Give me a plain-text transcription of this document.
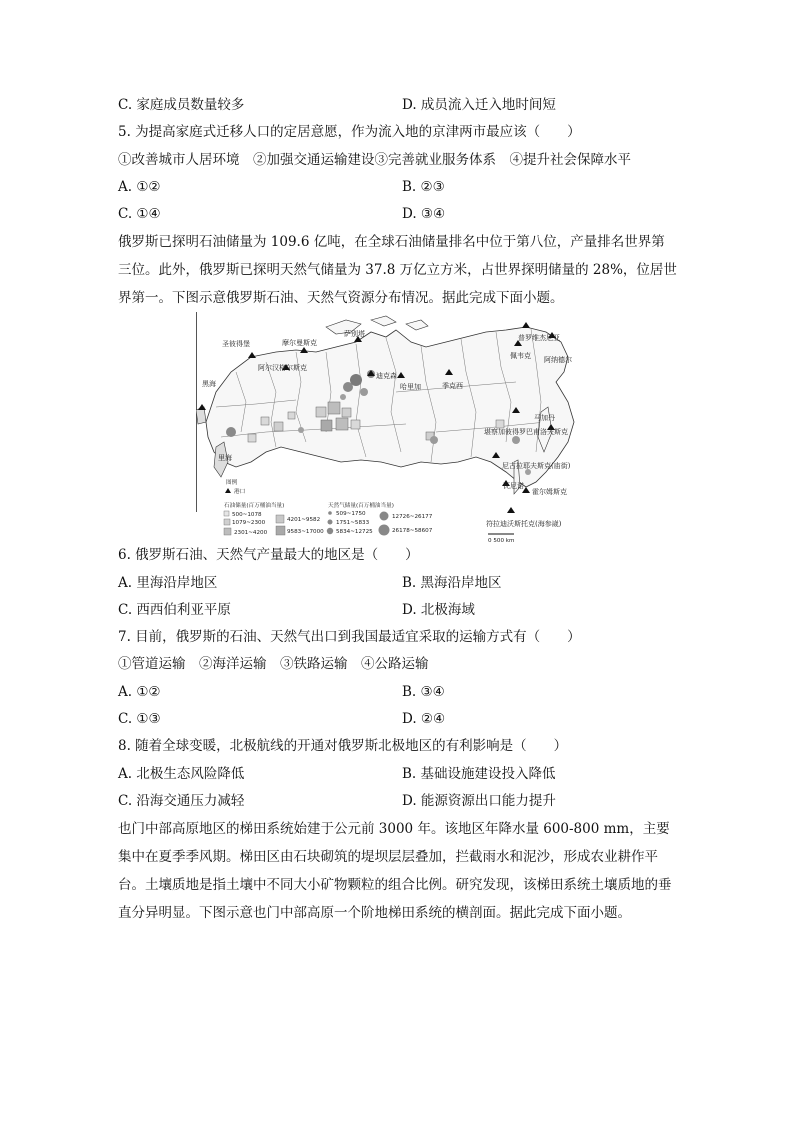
C. 家庭成员数量较多	D. 成员流入迁入地时间短
5. 为提高家庭式迁移人口的定居意愿，作为流入地的京津两市最应该（　　）
①改善城市人居环境　②加强交通运输建设③完善就业服务体系　④提升社会保障水平
A. ①②	B. ②③
C. ①④	D. ③④
俄罗斯已探明石油储量为 109.6 亿吨，在全球石油储量排名中位于第八位，产量排名世界第三位。此外，俄罗斯已探明天然气储量为 37.8 万亿立方米，占世界探明储量的 28%，位居世界第一。下图示意俄罗斯石油、天然气资源分布情况。据此完成下面小题。
圣彼得堡	摩尔曼斯克
阿尔汉格尔斯克
萨别塔
迪克森
哈里加	季克西
普罗维杰尼亚
佩韦克 阿纳德尔
马加丹
堪察加彼得罗巴甫洛夫斯克
尼古拉耶夫斯克(庙街)
瓦尼诺
霍尔姆斯克
符拉迪沃斯托克(海参崴)
黑海
里海
图例
港口
石油储量(百万桶油当量)
500~1078
1079~2300
2301~4200
4201~9582
9583~17000
天然气储量(百万桶油当量)
509~1750
1751~5833
5834~12725
12726~26177
26178~58607
0 500 km
6. 俄罗斯石油、天然气产量最大的地区是（　　）
A. 里海沿岸地区	B. 黑海沿岸地区
C. 西西伯利亚平原	D. 北极海域
7. 目前，俄罗斯的石油、天然气出口到我国最适宜采取的运输方式有（　　）
①管道运输　②海洋运输　③铁路运输　④公路运输
A. ①②	B. ③④
C. ①③	D. ②④
8. 随着全球变暖，北极航线的开通对俄罗斯北极地区的有利影响是（　　）
A. 北极生态风险降低	B. 基础设施建设投入降低
C. 沿海交通压力减轻	D. 能源资源出口能力提升
也门中部高原地区的梯田系统始建于公元前 3000 年。该地区年降水量 600-800 mm，主要集中在夏季季风期。梯田区由石块砌筑的堤坝层层叠加，拦截雨水和泥沙，形成农业耕作平台。土壤质地是指土壤中不同大小矿物颗粒的组合比例。研究发现，该梯田系统土壤质地的垂直分异明显。下图示意也门中部高原一个阶地梯田系统的横剖面。据此完成下面小题。
